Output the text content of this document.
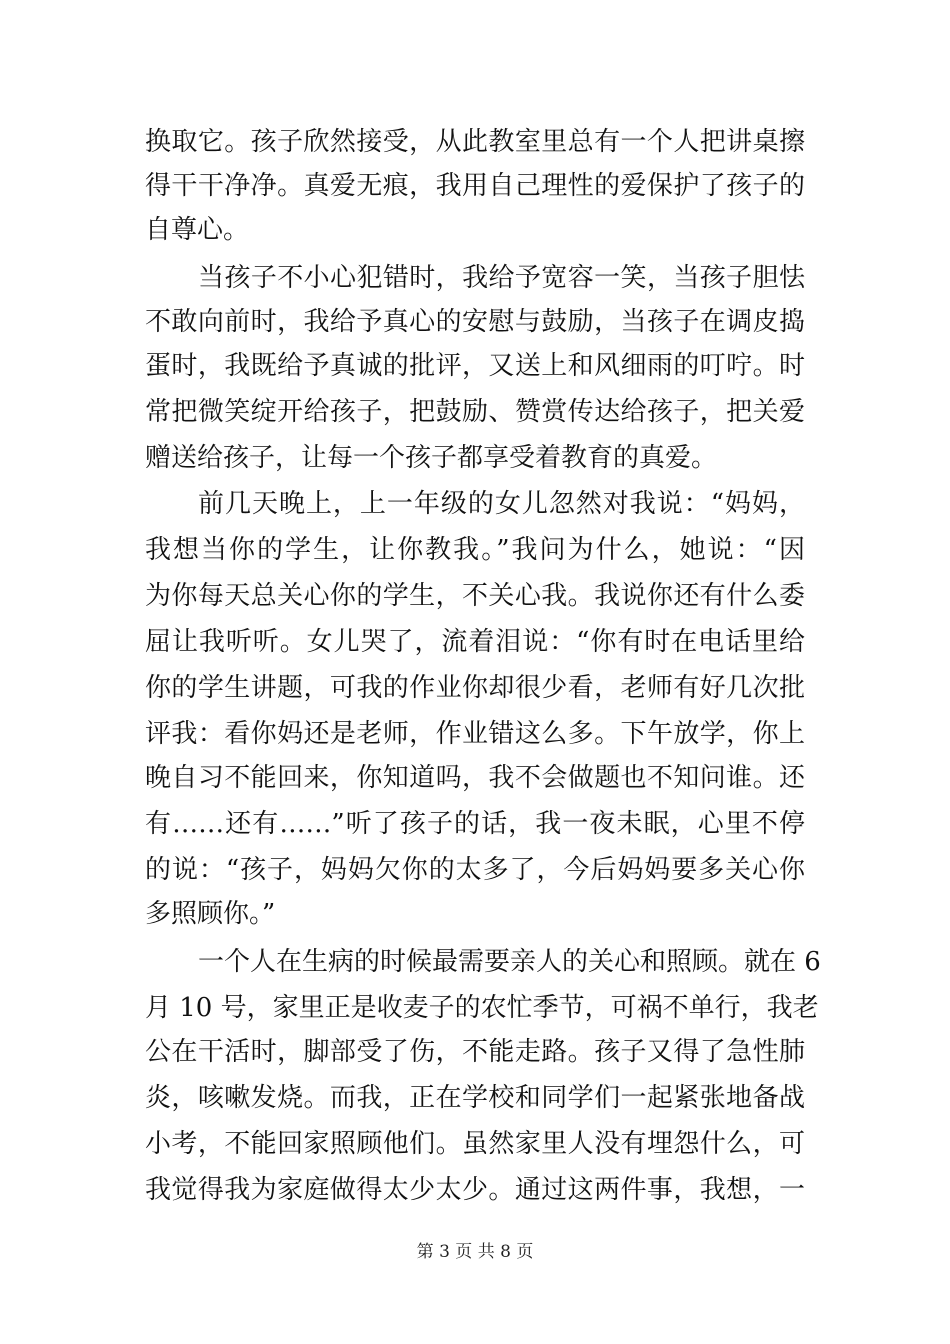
换取它。孩子欣然接受，从此教室里总有一个人把讲桌擦
得干干净净。真爱无痕，我用自己理性的爱保护了孩子的
自尊心。
当孩子不小心犯错时，我给予宽容一笑，当孩子胆怯
不敢向前时，我给予真心的安慰与鼓励，当孩子在调皮捣
蛋时，我既给予真诚的批评，又送上和风细雨的叮咛。时
常把微笑绽开给孩子，把鼓励、赞赏传达给孩子，把关爱
赠送给孩子，让每一个孩子都享受着教育的真爱。
前几天晚上，上一年级的女儿忽然对我说：“妈妈，
我想当你的学生，让你教我。”我问为什么，她说：“因
为你每天总关心你的学生，不关心我。我说你还有什么委
屈让我听听。女儿哭了，流着泪说：“你有时在电话里给
你的学生讲题，可我的作业你却很少看，老师有好几次批
评我：看你妈还是老师，作业错这么多。下午放学，你上
晚自习不能回来，你知道吗，我不会做题也不知问谁。还
有……还有……”听了孩子的话，我一夜未眠，心里不停
的说：“孩子，妈妈欠你的太多了，今后妈妈要多关心你
多照顾你。”
一个人在生病的时候最需要亲人的关心和照顾。就在 6
月 10 号，家里正是收麦子的农忙季节，可祸不单行，我老
公在干活时，脚部受了伤，不能走路。孩子又得了急性肺
炎，咳嗽发烧。而我，正在学校和同学们一起紧张地备战
小考，不能回家照顾他们。虽然家里人没有埋怨什么，可
我觉得我为家庭做得太少太少。通过这两件事，我想，一
第 3 页 共 8 页
